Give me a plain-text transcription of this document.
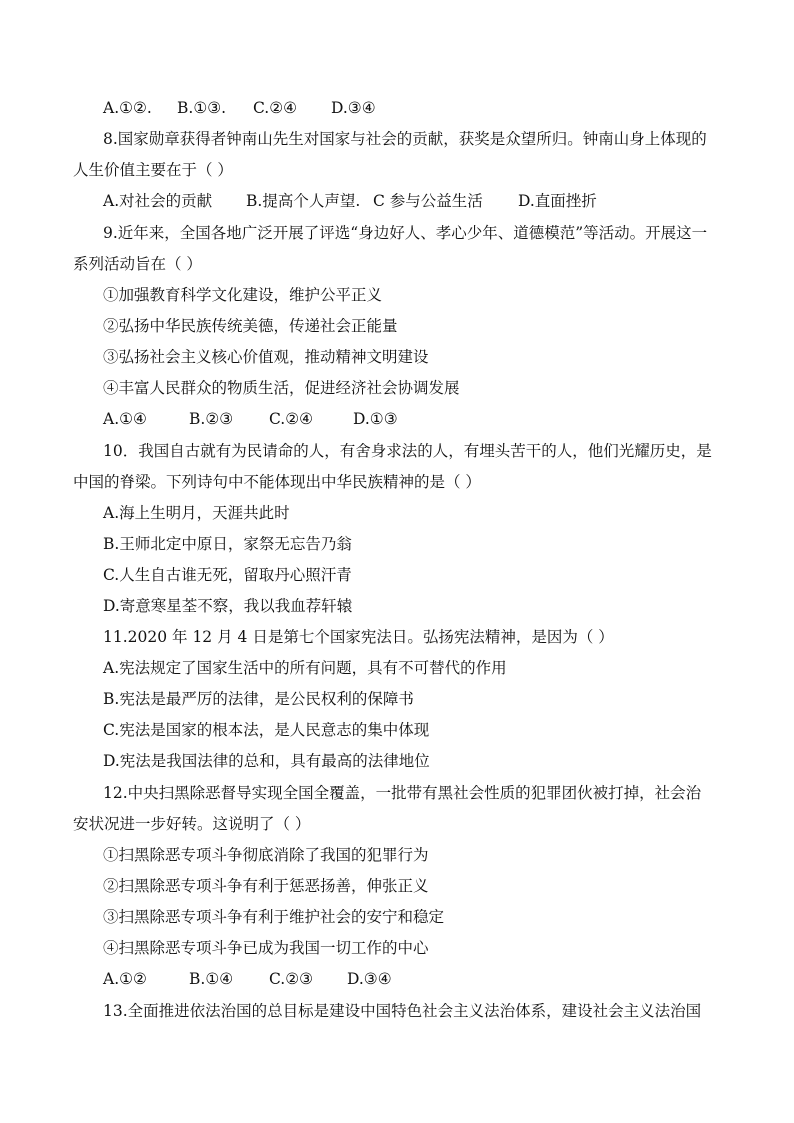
A.①②. B.①③. C.②④ D.③④
8.国家勋章获得者钟南山先生对国家与社会的贡献，获奖是众望所归。钟南山身上体现的
人生价值主要在于（ ）
A.对社会的贡献 B.提高个人声望. C 参与公益生活 D.直面挫折
9.近年来，全国各地广泛开展了评选“身边好人、孝心少年、道德模范”等活动。开展这一
系列活动旨在（ ）
①加强教育科学文化建设，维护公平正义
②弘扬中华民族传统美德，传递社会正能量
③弘扬社会主义核心价值观，推动精神文明建设
④丰富人民群众的物质生活，促进经济社会协调发展
A.①④	B.②③ C.②④	D.①③
10．我国自古就有为民请命的人，有舍身求法的人，有埋头苦干的人，他们光耀历史，是
中国的脊梁。下列诗句中不能体现出中华民族精神的是（ ）
A.海上生明月，天涯共此时
B.王师北定中原日，家祭无忘告乃翁
C.人生自古谁无死，留取丹心照汗青
D.寄意寒星荃不察，我以我血荐轩辕
11.2020 年 12 月 4 日是第七个国家宪法日。弘扬宪法精神，是因为（ ）
A.宪法规定了国家生活中的所有问题，具有不可替代的作用
B.宪法是最严厉的法律，是公民权利的保障书
C.宪法是国家的根本法，是人民意志的集中体现
D.宪法是我国法律的总和，具有最高的法律地位
12.中央扫黑除恶督导实现全国全覆盖，一批带有黑社会性质的犯罪团伙被打掉，社会治
安状况进一步好转。这说明了（ ）
①扫黑除恶专项斗争彻底消除了我国的犯罪行为
②扫黑除恶专项斗争有利于惩恶扬善，伸张正义
③扫黑除恶专项斗争有利于维护社会的安宁和稳定
④扫黑除恶专项斗争已成为我国一切工作的中心
A.①②	B.①④ C.②③ D.③④
13.全面推进依法治国的总目标是建设中国特色社会主义法治体系，建设社会主义法治国
